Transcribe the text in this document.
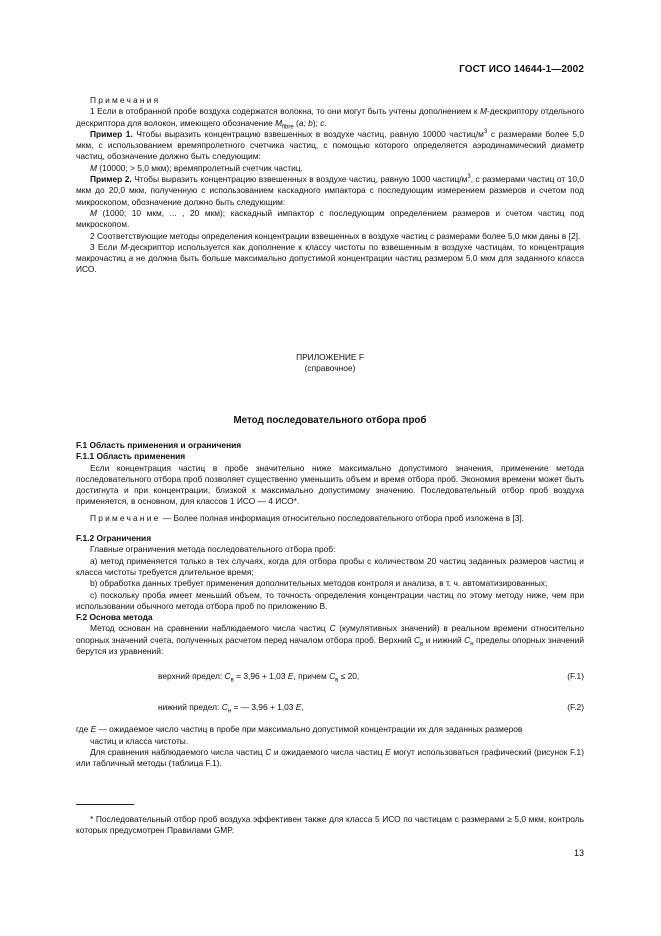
ГОСТ ИСО 14644-1—2002

Примечания

1 Если в отобранной пробе воздуха содержатся волокна, то они могут быть учтены дополнением к М-дескриптору отдельного дескриптора для волокон, имеющего обозначение $M_{fibre}$ (a; b); c.

Пример 1. Чтобы выразить концентрацию взвешенных в воздухе частиц, равную 10000 частиц/$м^3$ с размерами более 5,0 мкм, с использованием времяпролетного счетчика частиц, с помощью которого определяется аэродинамический диаметр частиц, обозначение должно быть следующим:

M (10000; > 5,0 мкм); времяпролетный счетчик частиц.

Пример 2. Чтобы выразить концентрацию взвешенных в воздухе частиц, равную 1000 частиц/$м^3$, с размерами частиц от 10,0 мкм до 20,0 мкм, полученную с использованием каскадного импактора с последующим измерением размеров и счетом под микроскопом, обозначение должно быть следующим:

M (1000; 10 мкм, ... , 20 мкм); каскадный импактор с последующим определением размеров и счетом частиц под микроскопом.

2 Соответствующие методы определения концентрации взвешенных в воздухе частиц с размерами более 5,0 мкм даны в [2].

3 Если М-дескриптор используется как дополнение к классу чистоты по взвешенным в воздухе частицам, то концентрация макрочастиц а не должна быть больше максимально допустимой концентрации частиц размером 5,0 мкм для заданного класса ИСО.

ПРИЛОЖЕНИЕ F
(справочное)
Метод последовательного отбора проб

F.1 Область применения и ограничения

F.1.1 Область применения

Если концентрация частиц в пробе значительно ниже максимально допустимого значения, применение метода последовательного отбора проб позволяет существенно уменьшить объем и время отбора проб. Экономия времени может быть достигнута и при концентрации, близкой к максимально допустимому значению. Последовательный отбор проб воздуха применяется, в основном, для классов 1 ИСО — 4 ИСО*.

Примечание — Более полная информация относительно последовательного отбора проб изложена в [3].

F.1.2 Ограничения

Главные ограничения метода последовательного отбора проб:

a) метод применяется только в тех случаях, когда для отбора пробы с количеством 20 частиц заданных размеров частиц и класса чистоты требуется длительное время;

b) обработка данных требует применения дополнительных методов контроля и анализа, в т. ч. автоматизированных;

c) поскольку проба имеет меньший объем, то точность определения концентрации частиц по этому методу ниже, чем при использовании обычного метода отбора проб по приложению В.

F.2 Основа метода

Метод основан на сравнении наблюдаемого числа частиц С (кумулятивных значений) в реальном времени относительно опорных значений счета, полученных расчетом перед началом отбора проб. Верхний $С_в$ и нижний $С_н$ пределы опорных значений берутся из уравнений:

верхний предел: $С_в = 3,96 + 1,03$ E, причем $С_в \le 20$,	(F.1)
нижний предел: $С_н$ = — 3,96 + 1,03 E,	(F.2)

где E — ожидаемое число частиц в пробе при максимально допустимой концентрации их для заданных размеров

частиц и класса чистоты.

Для сравнения наблюдаемого числа частиц С и ожидаемого числа частиц E могут использоваться графический (рисунок F.1) или табличный методы (таблица F.1).

* Последовательный отбор проб воздуха эффективен также для класса 5 ИСО по частицам с размерами ≥ 5,0 мкм, контроль которых предусмотрен Правилами GMP.

13
